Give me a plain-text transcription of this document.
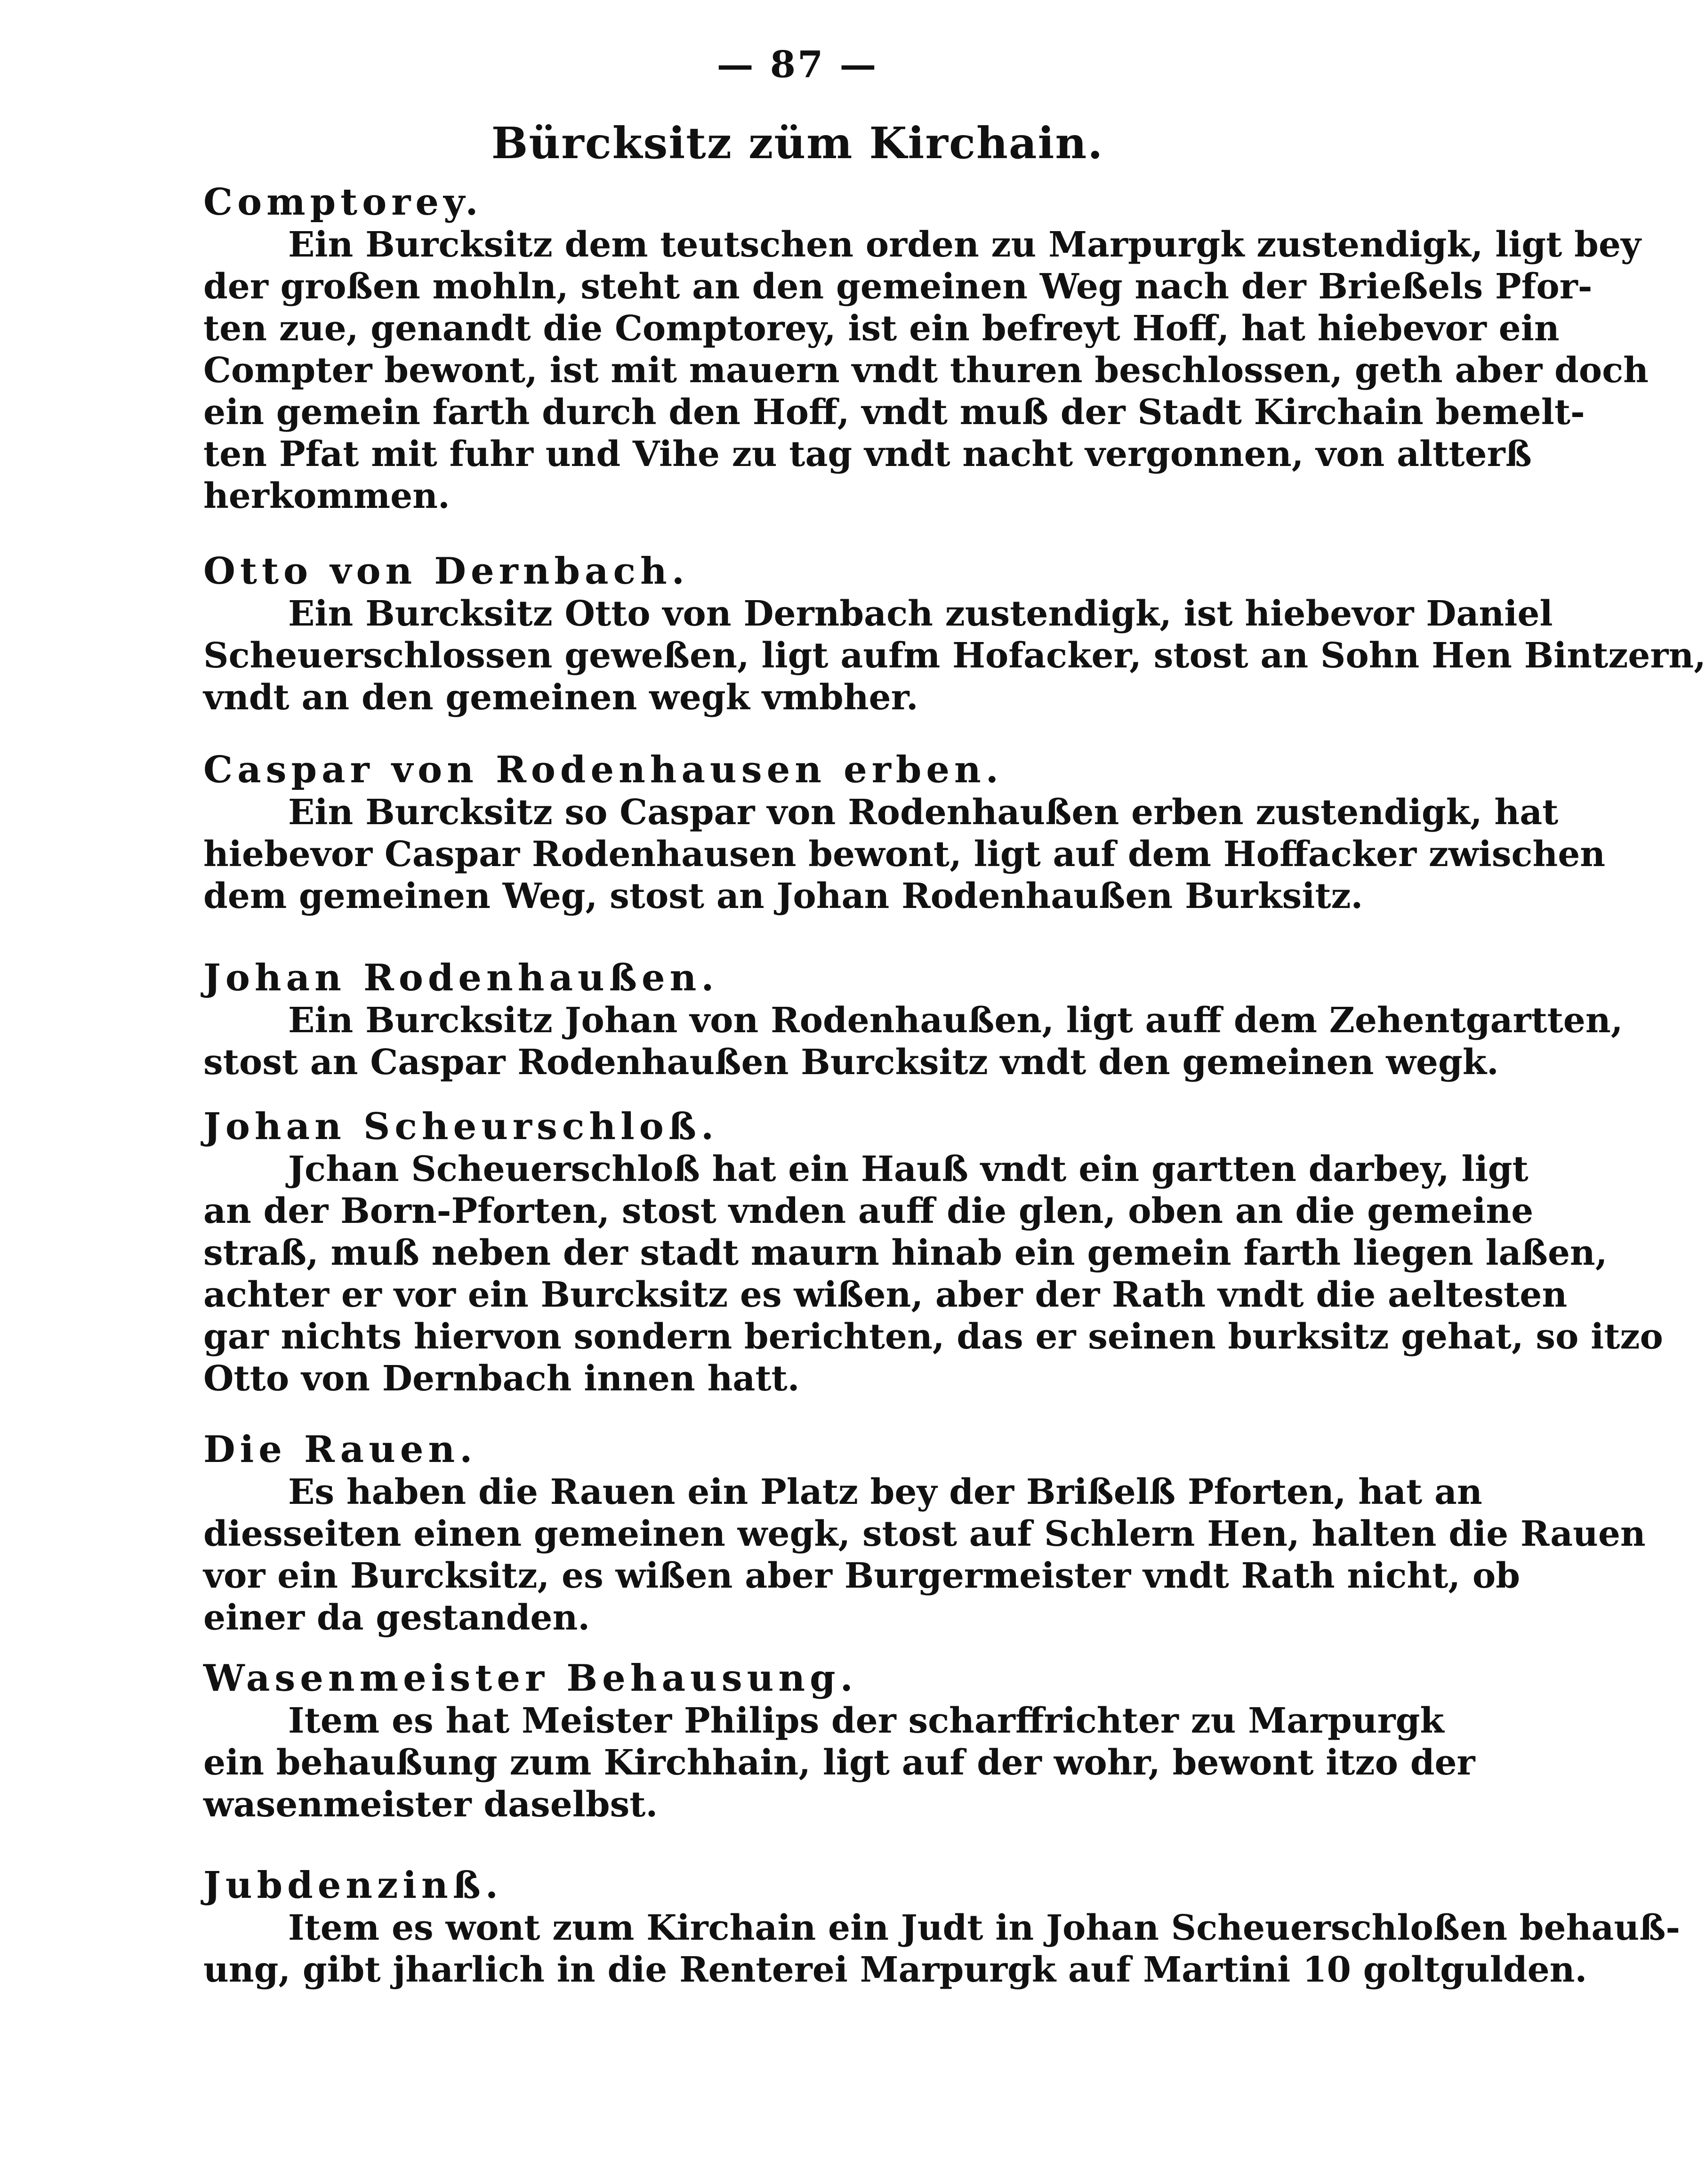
— 87 —
Bürcksitz züm Kirchain.
Comptorey.
Ein Burcksitz dem teutschen orden zu Marpurgk zustendigk, ligt bey
der großen mohln, steht an den gemeinen Weg nach der Brießels Pfor-
ten zue, genandt die Comptorey, ist ein befreyt Hoff, hat hiebevor ein
Compter bewont, ist mit mauern vndt thuren beschlossen, geth aber doch
ein gemein farth durch den Hoff, vndt muß der Stadt Kirchain bemelt-
ten Pfat mit fuhr und Vihe zu tag vndt nacht vergonnen, von altterß
herkommen.
Otto von Dernbach.
Ein Burcksitz Otto von Dernbach zustendigk, ist hiebevor Daniel
Scheuerschlossen geweßen, ligt aufm Hofacker, stost an Sohn Hen Bintzern,
vndt an den gemeinen wegk vmbher.
Caspar von Rodenhausen erben.
Ein Burcksitz so Caspar von Rodenhaußen erben zustendigk, hat
hiebevor Caspar Rodenhausen bewont, ligt auf dem Hoffacker zwischen
dem gemeinen Weg, stost an Johan Rodenhaußen Burksitz.
Johan Rodenhaußen.
Ein Burcksitz Johan von Rodenhaußen, ligt auff dem Zehentgartten,
stost an Caspar Rodenhaußen Burcksitz vndt den gemeinen wegk.
Johan Scheurschloß.
Jchan Scheuerschloß hat ein Hauß vndt ein gartten darbey, ligt
an der Born-Pforten, stost vnden auff die glen, oben an die gemeine
straß, muß neben der stadt maurn hinab ein gemein farth liegen laßen,
achter er vor ein Burcksitz es wißen, aber der Rath vndt die aeltesten
gar nichts hiervon sondern berichten, das er seinen burksitz gehat, so itzo
Otto von Dernbach innen hatt.
Die Rauen.
Es haben die Rauen ein Platz bey der Brißelß Pforten, hat an
diesseiten einen gemeinen wegk, stost auf Schlern Hen, halten die Rauen
vor ein Burcksitz, es wißen aber Burgermeister vndt Rath nicht, ob
einer da gestanden.
Wasenmeister Behausung.
Item es hat Meister Philips der scharffrichter zu Marpurgk
ein behaußung zum Kirchhain, ligt auf der wohr, bewont itzo der
wasenmeister daselbst.
Jubdenzinß.
Item es wont zum Kirchain ein Judt in Johan Scheuerschloßen behauß-
ung, gibt jharlich in die Renterei Marpurgk auf Martini 10 goltgulden.
